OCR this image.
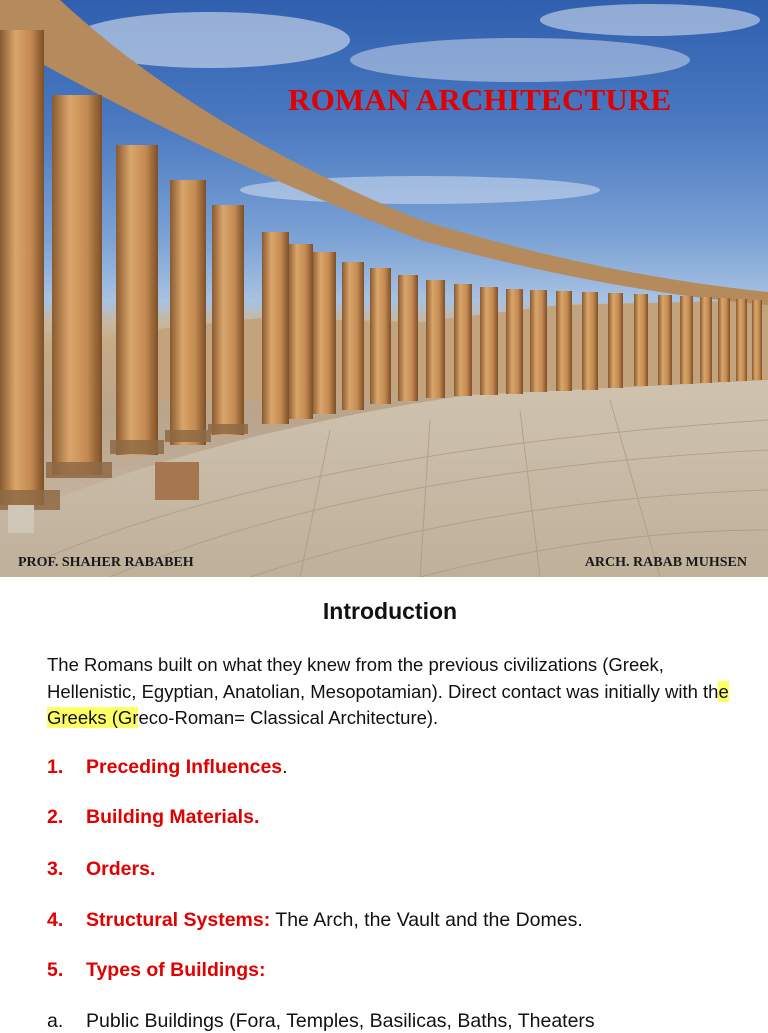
ROMAN ARCHITECTURE
PROF. SHAHER RABABEH	ARCH. RABAB MUHSEN
Introduction

The Romans built on what they knew from the previous civilizations (Greek, Hellenistic, Egyptian, Anatolian, Mesopotamian). Direct contact was initially with the Greeks (Greco-Roman= Classical Architecture).

1. Preceding Influences.
2. Building Materials.
3. Orders.
4. Structural Systems: The Arch, the Vault and the Domes.
5. Types of Buildings:
a. Public Buildings (Fora, Temples, Basilicas, Baths, Theaters
